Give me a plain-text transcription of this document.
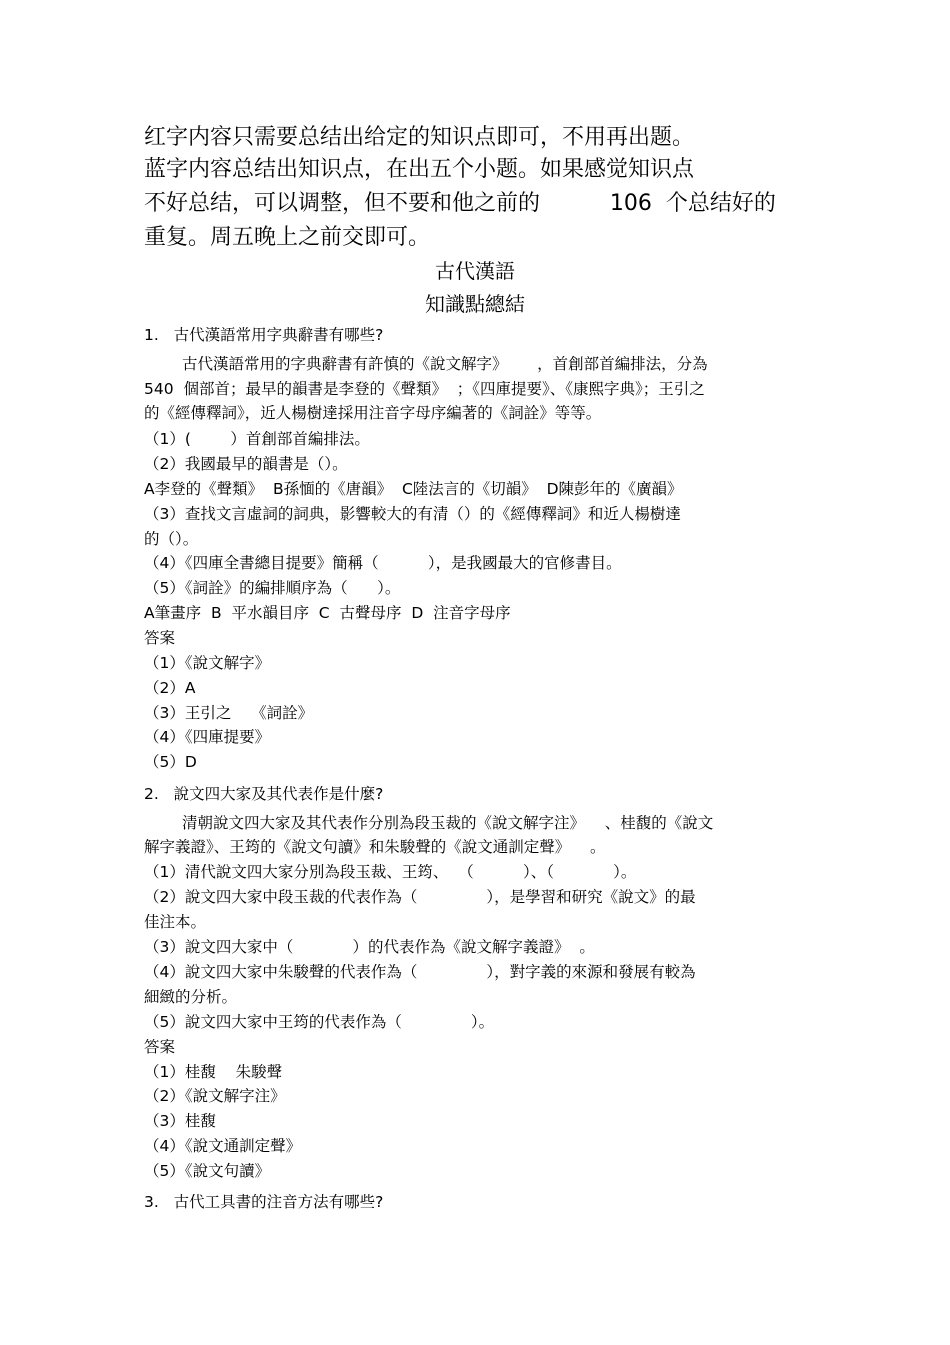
红字内容只需要总结出给定的知识点即可，不用再出题。
蓝字内容总结出知识点，在出五个小题。如果感觉知识点
不好总结，可以调整，但不要和他之前的          106  个总结好的
重复。周五晚上之前交即可。
古代漢語
知識點總結
1.   古代漢語常用字典辭書有哪些?
古代漢語常用的字典辭書有許慎的《說文解字》      ，首創部首編排法，分為
540  個部首；最早的韻書是李登的《聲類》  ；《四庫提要》、《康熙字典》；王引之
的《經傳釋詞》，近人楊樹達採用注音字母序編著的《詞詮》等等。
（1）(        ）首創部首編排法。
（2）我國最早的韻書是（）。
A李登的《聲類》  B孫愐的《唐韻》  C陸法言的《切韻》  D陳彭年的《廣韻》
（3）查找文言虛詞的詞典，影響較大的有清（）的《經傳釋詞》和近人楊樹達
的（）。
（4）《四庫全書總目提要》簡稱（          ），是我國最大的官修書目。
（5）《詞詮》的編排順序為（      ）。
A筆畫序  B  平水韻目序  C  古聲母序  D  注音字母序
答案
（1）《說文解字》
（2）A
（3）王引之    《詞詮》
（4）《四庫提要》
（5）D
2.   說文四大家及其代表作是什麼?
清朝說文四大家及其代表作分別為段玉裁的《說文解字注》    、桂馥的《說文
解字義證》、王筠的《說文句讀》和朱駿聲的《說文通訓定聲》    。
（1）清代說文四大家分別為段玉裁、王筠、  （          ）、（            ）。
（2）說文四大家中段玉裁的代表作為（              ），是學習和研究《說文》的最
佳注本。
（3）說文四大家中（            ）的代表作為《說文解字義證》  。
（4）說文四大家中朱駿聲的代表作為（              ），對字義的來源和發展有較為
細緻的分析。
（5）說文四大家中王筠的代表作為（              ）。
答案
（1）桂馥    朱駿聲
（2）《說文解字注》
（3）桂馥
（4）《說文通訓定聲》
（5）《說文句讀》
3.   古代工具書的注音方法有哪些?
